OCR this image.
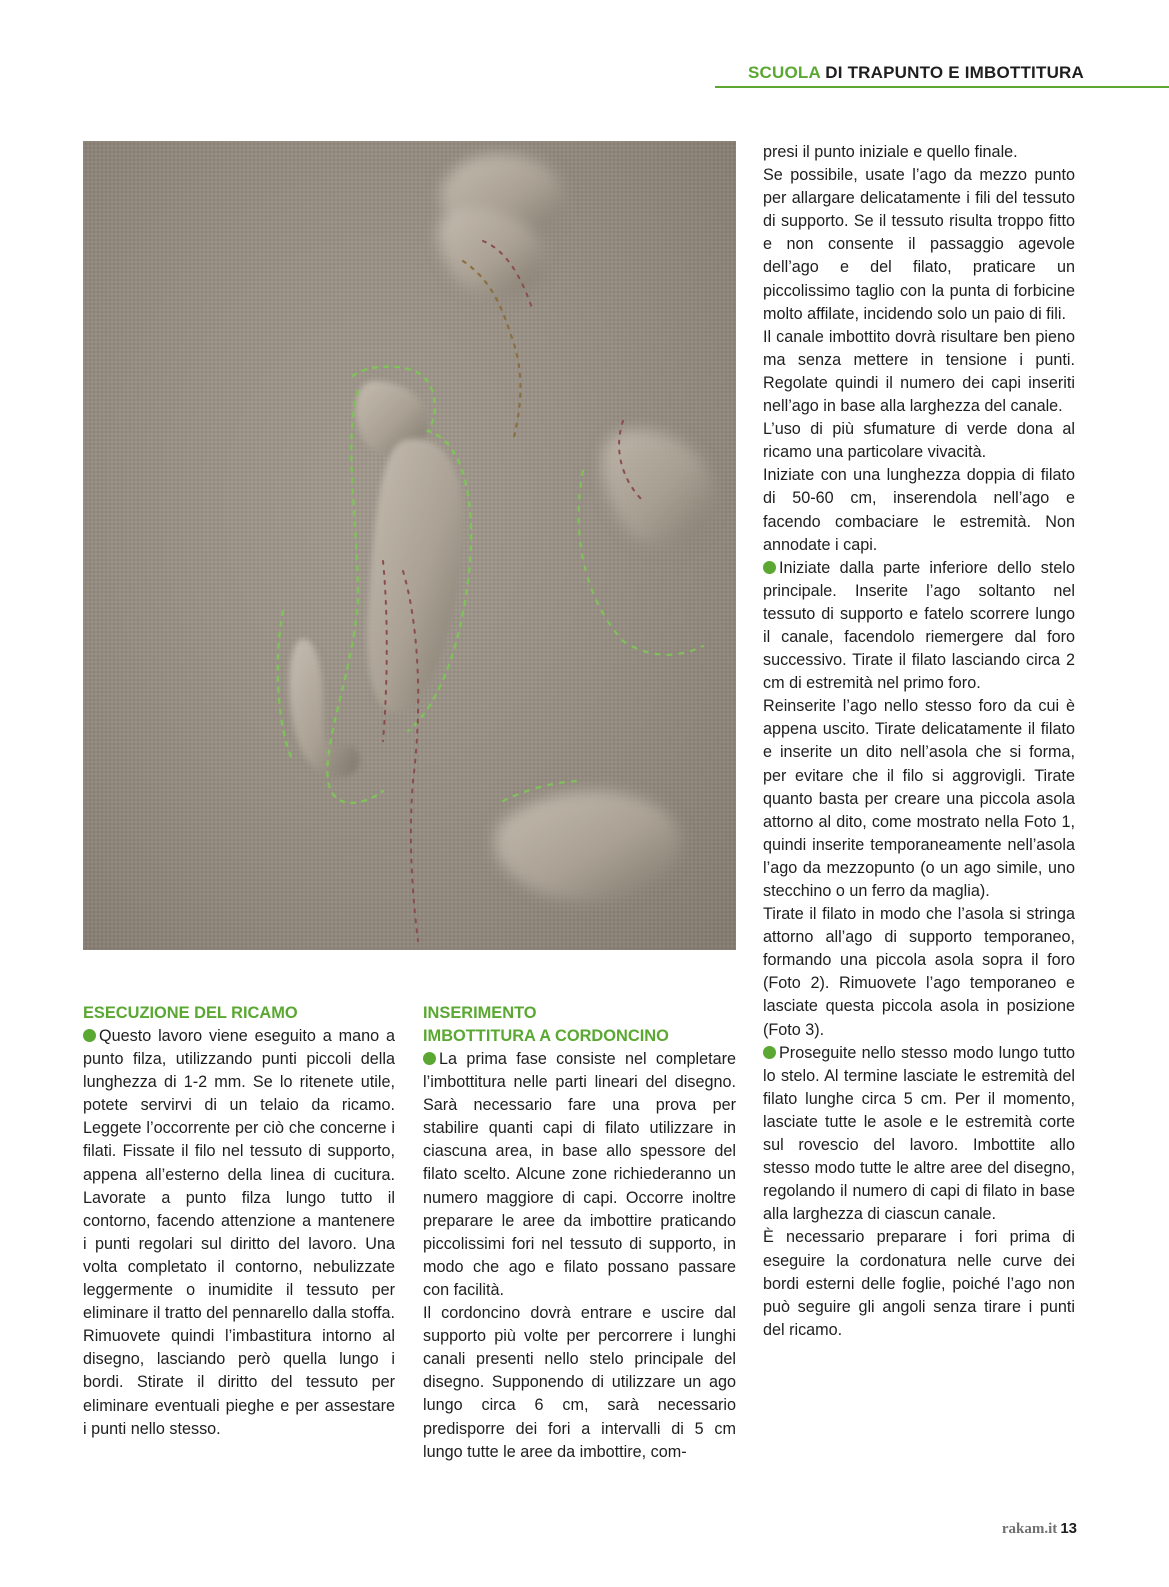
SCUOLA DI TRAPUNTO E IMBOTTITURA
ESECUZIONE DEL RICAMO

Questo lavoro viene eseguito a mano a punto filza, utilizzando punti piccoli della lunghezza di 1-2 mm. Se lo ritenete utile, potete servirvi di un telaio da ricamo. Leggete l’occorrente per ciò che concerne i filati. Fissate il filo nel tessuto di supporto, appena all’esterno della linea di cucitura. Lavorate a punto filza lungo tutto il contorno, facendo attenzione a mantenere i punti regolari sul diritto del lavoro. Una volta completato il contorno, nebulizzate leggermente o inumidite il tessuto per eliminare il tratto del pennarello dalla stoffa. Rimuovete quindi l’imbastitura intorno al disegno, lasciando però quella lungo i bordi. Stirate il diritto del tessuto per eliminare eventuali pieghe e per assestare i punti nello stesso.

INSERIMENTO
IMBOTTITURA A CORDONCINO

La prima fase consiste nel completare l’imbottitura nelle parti lineari del disegno. Sarà necessario fare una prova per stabilire quanti capi di filato utilizzare in ciascuna area, in base allo spessore del filato scelto. Alcune zone richiederanno un numero maggiore di capi. Occorre inoltre preparare le aree da imbottire praticando piccolissimi fori nel tessuto di supporto, in modo che ago e filato possano passare con facilità.

Il cordoncino dovrà entrare e uscire dal supporto più volte per percorrere i lunghi canali presenti nello stelo principale del disegno. Supponendo di utilizzare un ago lungo circa 6 cm, sarà necessario predisporre dei fori a intervalli di 5 cm lungo tutte le aree da imbottire, com-

presi il punto iniziale e quello finale.

Se possibile, usate l’ago da mezzo punto per allargare delicatamente i fili del tessuto di supporto. Se il tessuto risulta troppo fitto e non consente il passaggio agevole dell’ago e del filato, praticare un piccolissimo taglio con la punta di forbicine molto affilate, incidendo solo un paio di fili.

Il canale imbottito dovrà risultare ben pieno ma senza mettere in tensione i punti. Regolate quindi il numero dei capi inseriti nell’ago in base alla larghezza del canale.

L’uso di più sfumature di verde dona al ricamo una particolare vivacità.

Iniziate con una lunghezza doppia di filato di 50-60 cm, inserendola nell’ago e facendo combaciare le estremità. Non annodate i capi.

Iniziate dalla parte inferiore dello stelo principale. Inserite l’ago soltanto nel tessuto di supporto e fatelo scorrere lungo il canale, facendolo riemergere dal foro successivo. Tirate il filato lasciando circa 2 cm di estremità nel primo foro.

Reinserite l’ago nello stesso foro da cui è appena uscito. Tirate delicatamente il filato e inserite un dito nell’asola che si forma, per evitare che il filo si aggrovigli. Tirate quanto basta per creare una piccola asola attorno al dito, come mostrato nella Foto 1, quindi inserite temporaneamente nell’asola l’ago da mezzopunto (o un ago simile, uno stecchino o un ferro da maglia).

Tirate il filato in modo che l’asola si stringa attorno all’ago di supporto temporaneo, formando una piccola asola sopra il foro (Foto 2). Rimuovete l’ago temporaneo e lasciate questa piccola asola in posizione (Foto 3).

Proseguite nello stesso modo lungo tutto lo stelo. Al termine lasciate le estremità del filato lunghe circa 5 cm. Per il momento, lasciate tutte le asole e le estremità corte sul rovescio del lavoro. Imbottite allo stesso modo tutte le altre aree del disegno, regolando il numero di capi di filato in base alla larghezza di ciascun canale.

È necessario preparare i fori prima di eseguire la cordonatura nelle curve dei bordi esterni delle foglie, poiché l’ago non può seguire gli angoli senza tirare i punti del ricamo.

rakam.it 13
